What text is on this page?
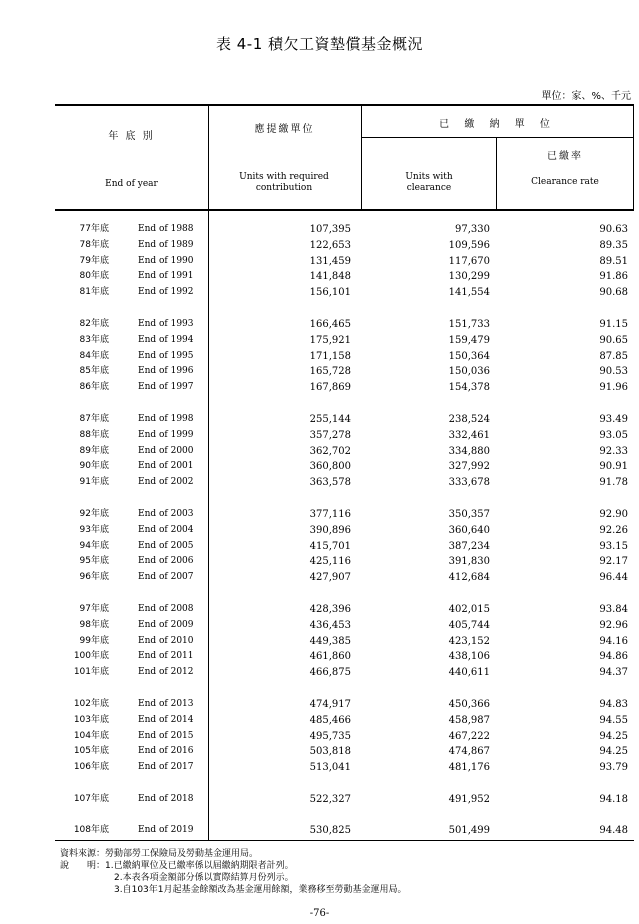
表 4-1 積欠工資墊償基金概況
單位：家、%、千元
年 底 別
End of year
應提繳單位
Units with required contribution
已 繳 納 單 位
Units with clearance
已繳率
Clearance rate
77年底	End of 1988	107,395	97,330	90.63
78年底	End of 1989	122,653	109,596	89.35
79年底	End of 1990	131,459	117,670	89.51
80年底	End of 1991	141,848	130,299	91.86
81年底	End of 1992	156,101	141,554	90.68
82年底	End of 1993	166,465	151,733	91.15
83年底	End of 1994	175,921	159,479	90.65
84年底	End of 1995	171,158	150,364	87.85
85年底	End of 1996	165,728	150,036	90.53
86年底	End of 1997	167,869	154,378	91.96
87年底	End of 1998	255,144	238,524	93.49
88年底	End of 1999	357,278	332,461	93.05
89年底	End of 2000	362,702	334,880	92.33
90年底	End of 2001	360,800	327,992	90.91
91年底	End of 2002	363,578	333,678	91.78
92年底	End of 2003	377,116	350,357	92.90
93年底	End of 2004	390,896	360,640	92.26
94年底	End of 2005	415,701	387,234	93.15
95年底	End of 2006	425,116	391,830	92.17
96年底	End of 2007	427,907	412,684	96.44
97年底	End of 2008	428,396	402,015	93.84
98年底	End of 2009	436,453	405,744	92.96
99年底	End of 2010	449,385	423,152	94.16
100年底	End of 2011	461,860	438,106	94.86
101年底	End of 2012	466,875	440,611	94.37
102年底	End of 2013	474,917	450,366	94.83
103年底	End of 2014	485,466	458,987	94.55
104年底	End of 2015	495,735	467,222	94.25
105年底	End of 2016	503,818	474,867	94.25
106年底	End of 2017	513,041	481,176	93.79
107年底	End of 2018	522,327	491,952	94.18
108年底	End of 2019	530,825	501,499	94.48
資料來源：勞動部勞工保險局及勞動基金運用局。
說　　明：1.已繳納單位及已繳率係以屆繳納期限者計列。
2.本表各項金額部分係以實際結算月份列示。
3.自103年1月起基金餘額改為基金運用餘額，業務移至勞動基金運用局。
-76-
